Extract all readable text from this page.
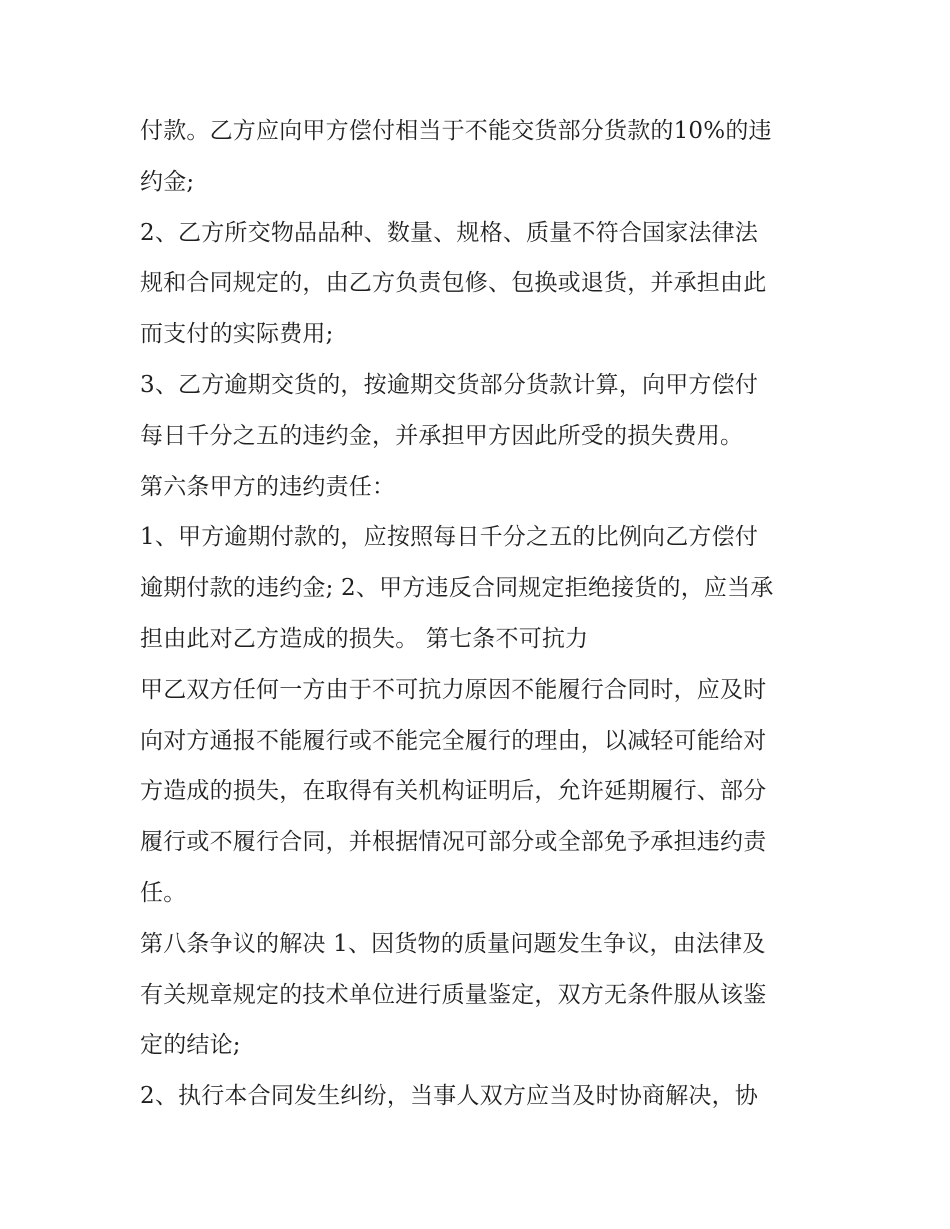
付款。乙方应向甲方偿付相当于不能交货部分货款的10%的违
约金;
2、乙方所交物品品种、数量、规格、质量不符合国家法律法
规和合同规定的，由乙方负责包修、包换或退货，并承担由此
而支付的实际费用;
3、乙方逾期交货的，按逾期交货部分货款计算，向甲方偿付
每日千分之五的违约金，并承担甲方因此所受的损失费用。
第六条甲方的违约责任：
1、甲方逾期付款的，应按照每日千分之五的比例向乙方偿付
逾期付款的违约金; 2、甲方违反合同规定拒绝接货的，应当承
担由此对乙方造成的损失。 第七条不可抗力
甲乙双方任何一方由于不可抗力原因不能履行合同时，应及时
向对方通报不能履行或不能完全履行的理由，以减轻可能给对
方造成的损失，在取得有关机构证明后，允许延期履行、部分
履行或不履行合同，并根据情况可部分或全部免予承担违约责
任。
第八条争议的解决 1、因货物的质量问题发生争议，由法律及
有关规章规定的技术单位进行质量鉴定，双方无条件服从该鉴
定的结论;
2、执行本合同发生纠纷，当事人双方应当及时协商解决，协
